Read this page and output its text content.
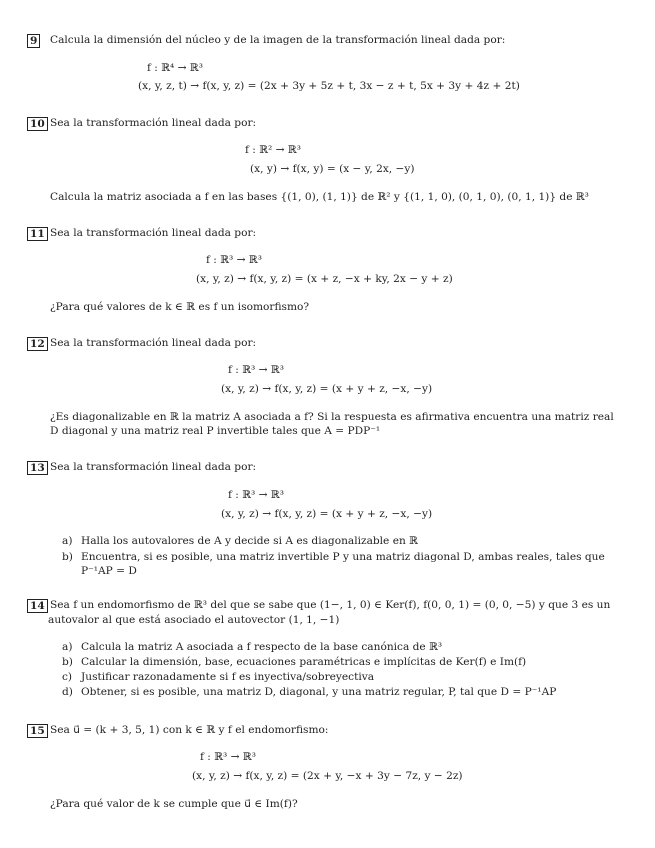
9 Calcula la dimensión del núcleo y de la imagen de la transformación lineal dada por:
f : ℝ⁴ → ℝ³
(x, y, z, t) → f(x, y, z) = (2x + 3y + 5z + t, 3x − z + t, 5x + 3y + 4z + 2t)
10 Sea la transformación lineal dada por:
f : ℝ² → ℝ³
(x, y) → f(x, y) = (x − y, 2x, −y)
Calcula la matriz asociada a f en las bases {(1, 0), (1, 1)} de ℝ² y {(1, 1, 0), (0, 1, 0), (0, 1, 1)} de ℝ³
11 Sea la transformación lineal dada por:
f : ℝ³ → ℝ³
(x, y, z) → f(x, y, z) = (x + z, −x + ky, 2x − y + z)
¿Para qué valores de k ∈ ℝ es f un isomorfismo?
12 Sea la transformación lineal dada por:
f : ℝ³ → ℝ³
(x, y, z) → f(x, y, z) = (x + y + z, −x, −y)
¿Es diagonalizable en ℝ la matriz A asociada a f? Si la respuesta es afirmativa encuentra una matriz real
D diagonal y una matriz real P invertible tales que A = PDP⁻¹
13 Sea la transformación lineal dada por:
f : ℝ³ → ℝ³
(x, y, z) → f(x, y, z) = (x + y + z, −x, −y)
a) Halla los autovalores de A y decide si A es diagonalizable en ℝ
b) Encuentra, si es posible, una matriz invertible P y una matriz diagonal D, ambas reales, tales que
P⁻¹AP = D
14 Sea f un endomorfismo de ℝ³ del que se sabe que (1−, 1, 0) ∈ Ker(f), f(0, 0, 1) = (0, 0, −5) y que 3 es un
autovalor al que está asociado el autovector (1, 1, −1)
a) Calcula la matriz A asociada a f respecto de la base canónica de ℝ³
b) Calcular la dimensión, base, ecuaciones paramétricas e implícitas de Ker(f) e Im(f)
c) Justificar razonadamente si f es inyectiva/sobreyectiva
d) Obtener, si es posible, una matriz D, diagonal, y una matriz regular, P, tal que D = P⁻¹AP
15 Sea u⃗ = (k + 3, 5, 1) con k ∈ ℝ y f el endomorfismo:
f : ℝ³ → ℝ³
(x, y, z) → f(x, y, z) = (2x + y, −x + 3y − 7z, y − 2z)
¿Para qué valor de k se cumple que u⃗ ∈ Im(f)?
